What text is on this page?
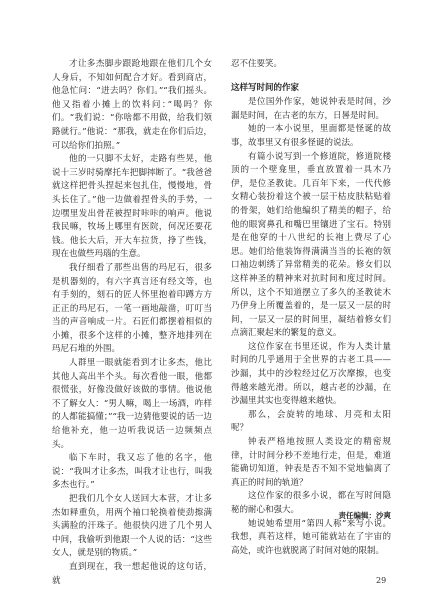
才让多杰脚步跟跄地跟在他们几个女人身后，不知如何配合才好。看到商店，他急忙问：“进去吗？你们。”“我们摇头。他又指着小摊上的饮料问：”喝吗？你们。“我们说：“你啥都不用做，给我们领路就行。”他说：“那我，就走在你们后边，可以给你们拍照。”

他的一只脚不太好，走路有些晃，他说十三岁时骑摩托车把脚摔断了。“我爸爸就这样把骨头捏起来包扎住，慢慢地，骨头长住了。”他一边做着捏骨头的手势，一边嘿里发出骨茬被捏时咔咔的响声。他说我民嘛，牧场上哪里有医院，何况还要花钱。他长大后，开大车拉货，挣了些钱，现在也做些玛瑙的生意。

我仔细看了那些出售的玛尼石，很多是机器刻的，有六字真言还有经文等，也有手刻的，刻石的匠人怀里抱着印蹲方方正正的玛尼石，一笔一画地敲凿，叮叮当当的声音响成一片。石匠们都摆着相似的小摊，很多个这样的小摊，整齐地排列在玛尼石堆的外围。

人群里一眼就能看到才让多杰，他比其他人高出半个头。每次看他一眼，他都很慌张，好像没做好该做的事情。他说他不了解女人：“男人嘛，喝上一场酒，咋样的人都能搞懂；”“我一边猜他要说的话一边给他补充，他一边听我说话一边频频点头。

临下车时，我又忘了他的名字，他说：“我叫才让多杰，叫我才让也行，叫我多杰也行。”

把我们几个女人送回大本营，才让多杰如释重负，用两个袖口轮换着使劲擦满头满脸的汗珠子。他很快闪进了几个男人中间，我偷听到他跟一个人说的话：“这些女人，就是别的物质。”

直到现在，我一想起他说的这句话，就

忍不住要笑。

这样写时间的作家

是位国外作家，她说钟表是时间，沙漏是时间，在古老的东方，日晷是时间。

她的一本小说里，里面都是怪诞的故事，故事里又有很多怪诞的说法。

有篇小说写到一个修道院，修道院楼顶的一个壁龛里，垂直放置着一具木乃伊，是位圣教徒。几百年下来，一代代修女精心装扮着这个被一层干枯皮肤粘贴着的骨架，她们给他编织了精美的帽子，给他的眼窝鼻孔和嘴巴里镶进了宝石。特别是在他穿的十八世纪的长袍上费尽了心思。她们给他装饰得满满当当的长袍的领口袖边刺绣了异常精美的花朵。修女们以这样神圣的精神来对抗时间和度过时间。所以，这个不知道摆立了多久的圣教徒木乃伊身上所覆盖着的，是一层又一层的时间，一层又一层的时间里，凝结着修女们点滴汇聚起来的繁复的意义。

这位作家在书里还说，作为人类计量时间的几乎通用于全世界的古老工具——沙漏，其中的沙粒经过亿万次摩擦，也变得越来越光滑。所以，越古老的沙漏，在沙漏里其实也变得越来越快。

那么，会旋转的地球、月亮和太阳呢？

钟表严格地按照人类设定的精密规律，计时间分秒不差地行走，但是，难道能确切知道，钟表是否不知不觉地偏离了真正的时间的轨道？

这位作家的很多小说，都在写时间隐秘的耐心和强大。

她说她希望用“第四人称”来写小说。我想，真若这样，她可能就站在了宇宙的高处，或许也就脱离了时间对她的限制。

责任编辑：沙爽
29
